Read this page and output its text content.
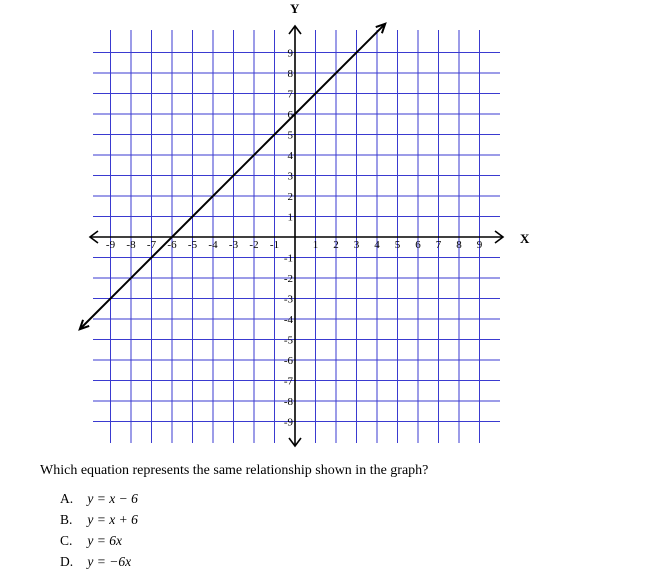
-9 -8 -7 -6 -5 -4 -3 -2 -1	1 2 3 4 5 6 7 8 9
9
8
7
6
5
4
3
2
1
-1
-2
-3
-4
-5
-6
-7
-8
-9
X
Y
Which equation represents the same relationship shown in the graph?
A. y = x − 6
B. y = x + 6
C. y = 6x
D. y = −6x
